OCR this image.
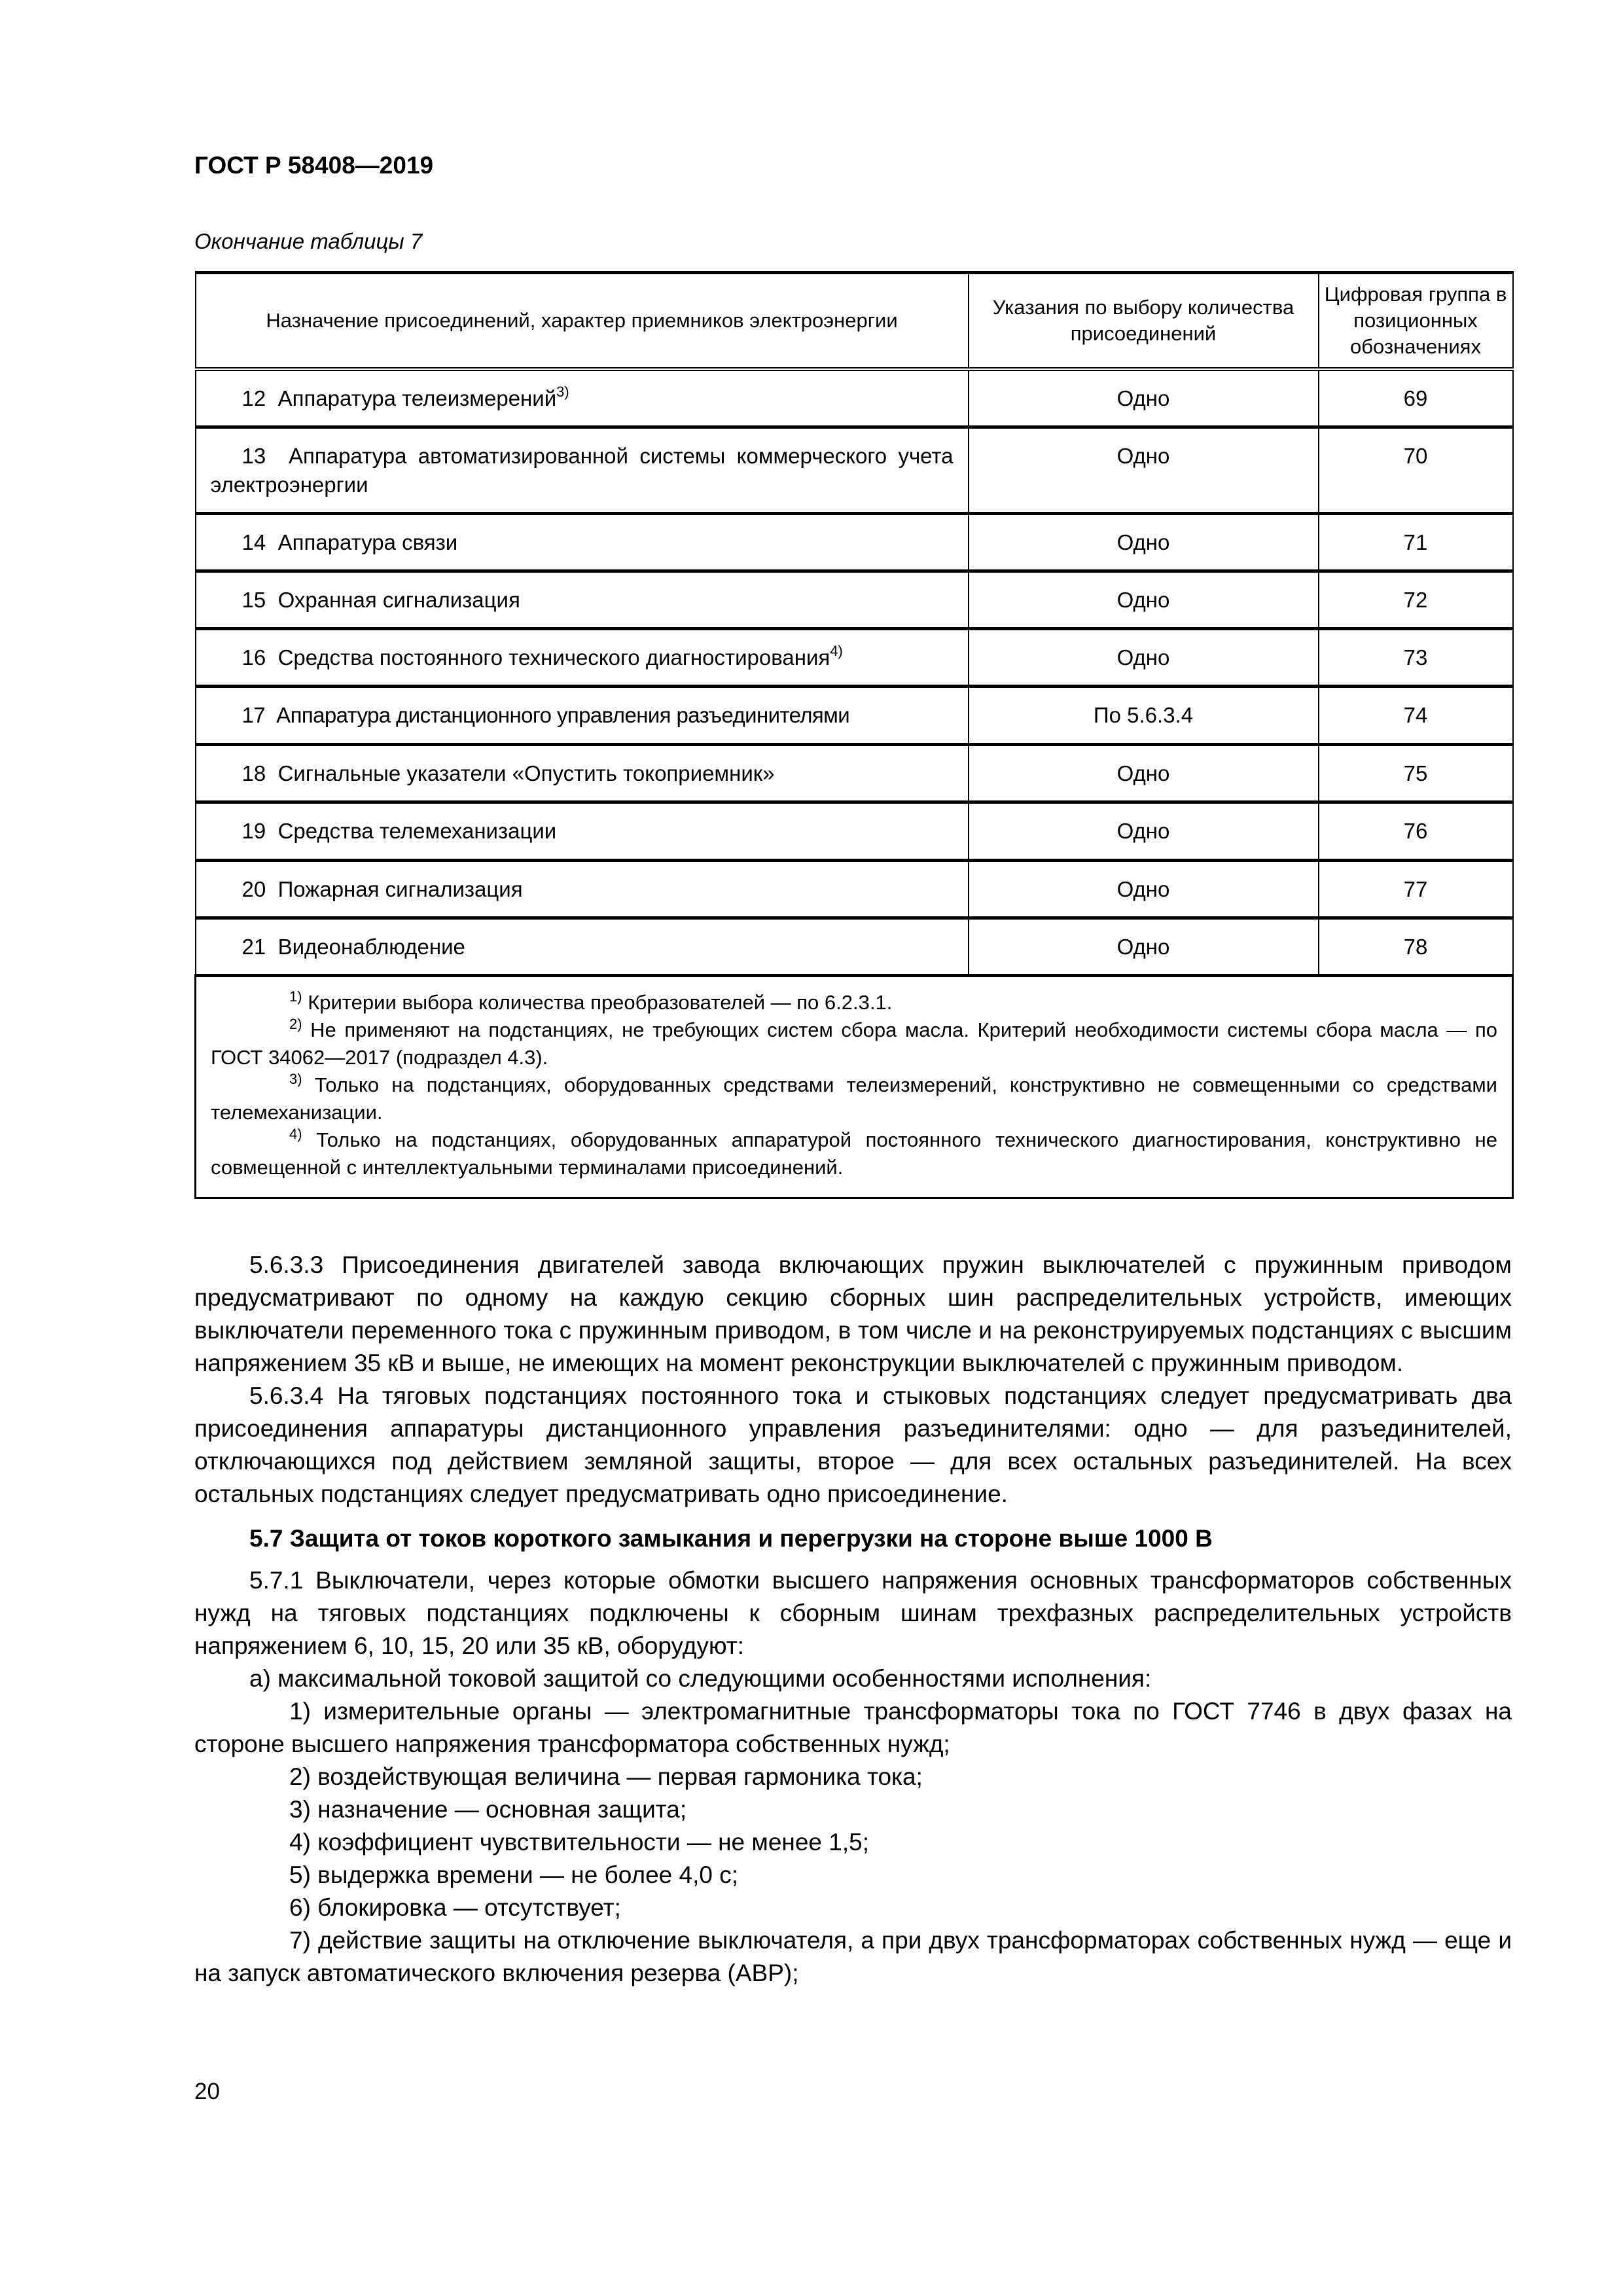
ГОСТ Р 58408—2019
Окончание таблицы 7
Назначение присоединений, характер приемников электроэнергии	Указания по выбору количества присоединений	Цифровая группа в позиционных обозначениях
12 Аппаратура телеизмерений$^{3)}$	Одно	69
13 Аппаратура автоматизированной системы коммерческого учета электроэнергии	Одно	70
14 Аппаратура связи	Одно	71
15 Охранная сигнализация	Одно	72
16 Средства постоянного технического диагностирования$^{4)}$	Одно	73
17 Аппаратура дистанционного управления разъединителями	По 5.6.3.4	74
18 Сигнальные указатели «Опустить токоприемник»	Одно	75
19 Средства телемеханизации	Одно	76
20 Пожарная сигнализация	Одно	77
21 Видеонаблюдение	Одно	78

$^{1)}$ Критерии выбора количества преобразователей — по 6.2.3.1.
$^{2)}$ Не применяют на подстанциях, не требующих систем сбора масла. Критерий необходимости системы сбора масла — по ГОСТ 34062—2017 (подраздел 4.3).
$^{3)}$ Только на подстанциях, оборудованных средствами телеизмерений, конструктивно не совмещенными со средствами телемеханизации.
$^{4)}$ Только на подстанциях, оборудованных аппаратурой постоянного технического диагностирования, конструктивно не совмещенной с интеллектуальными терминалами присоединений.		

5.6.3.3 Присоединения двигателей завода включающих пружин выключателей с пружинным приводом предусматривают по одному на каждую секцию сборных шин распределительных устройств, имеющих выключатели переменного тока с пружинным приводом, в том числе и на реконструируемых подстанциях с высшим напряжением 35 кВ и выше, не имеющих на момент реконструкции выключателей с пружинным приводом.

5.6.3.4 На тяговых подстанциях постоянного тока и стыковых подстанциях следует предусматривать два присоединения аппаратуры дистанционного управления разъединителями: одно — для разъединителей, отключающихся под действием земляной защиты, второе — для всех остальных разъединителей. На всех остальных подстанциях следует предусматривать одно присоединение.

5.7 Защита от токов короткого замыкания и перегрузки на стороне выше 1000 В

5.7.1 Выключатели, через которые обмотки высшего напряжения основных трансформаторов собственных нужд на тяговых подстанциях подключены к сборным шинам трехфазных распределительных устройств напряжением 6, 10, 15, 20 или 35 кВ, оборудуют:

а) максимальной токовой защитой со следующими особенностями исполнения:

1) измерительные органы — электромагнитные трансформаторы тока по ГОСТ 7746 в двух фазах на стороне высшего напряжения трансформатора собственных нужд;

2) воздействующая величина — первая гармоника тока;

3) назначение — основная защита;

4) коэффициент чувствительности — не менее 1,5;

5) выдержка времени — не более 4,0 с;

6) блокировка — отсутствует;

7) действие защиты на отключение выключателя, а при двух трансформаторах собственных нужд — еще и на запуск автоматического включения резерва (АВР);

20
